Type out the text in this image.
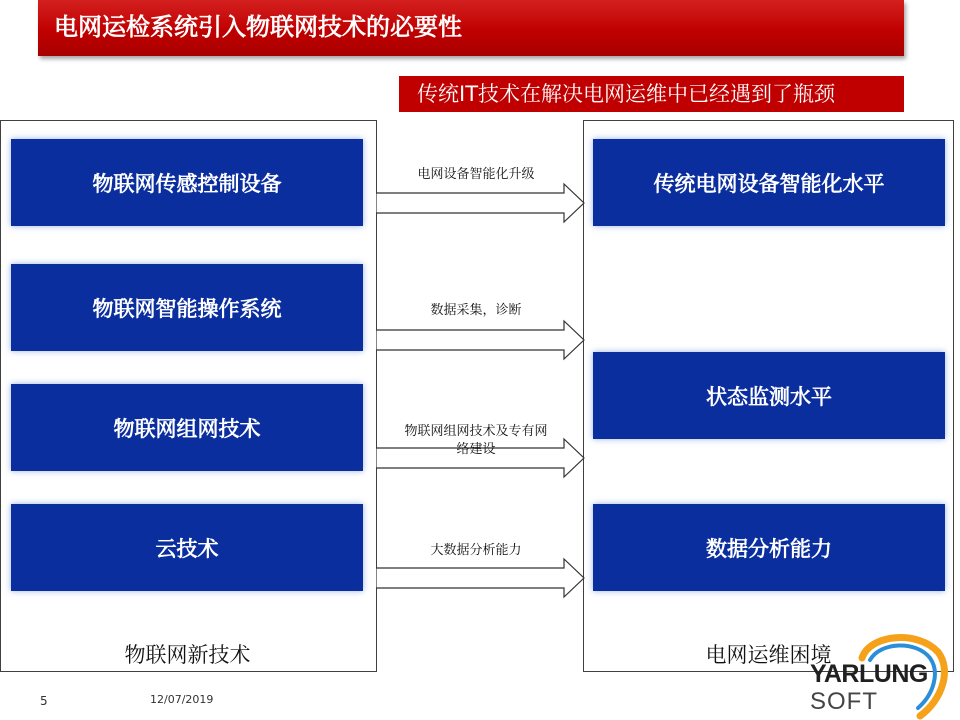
电网运检系统引入物联网技术的必要性
传统IT技术在解决电网运维中已经遇到了瓶颈
物联网传感控制设备
物联网智能操作系统
物联网组网技术
云技术
物联网新技术
传统电网设备智能化水平
状态监测水平
数据分析能力
电网运维困境
电网设备智能化升级
数据采集，诊断
物联网组网技术及专有网
络建设
大数据分析能力
5	12/07/2019
YARLUNG
SOFT
